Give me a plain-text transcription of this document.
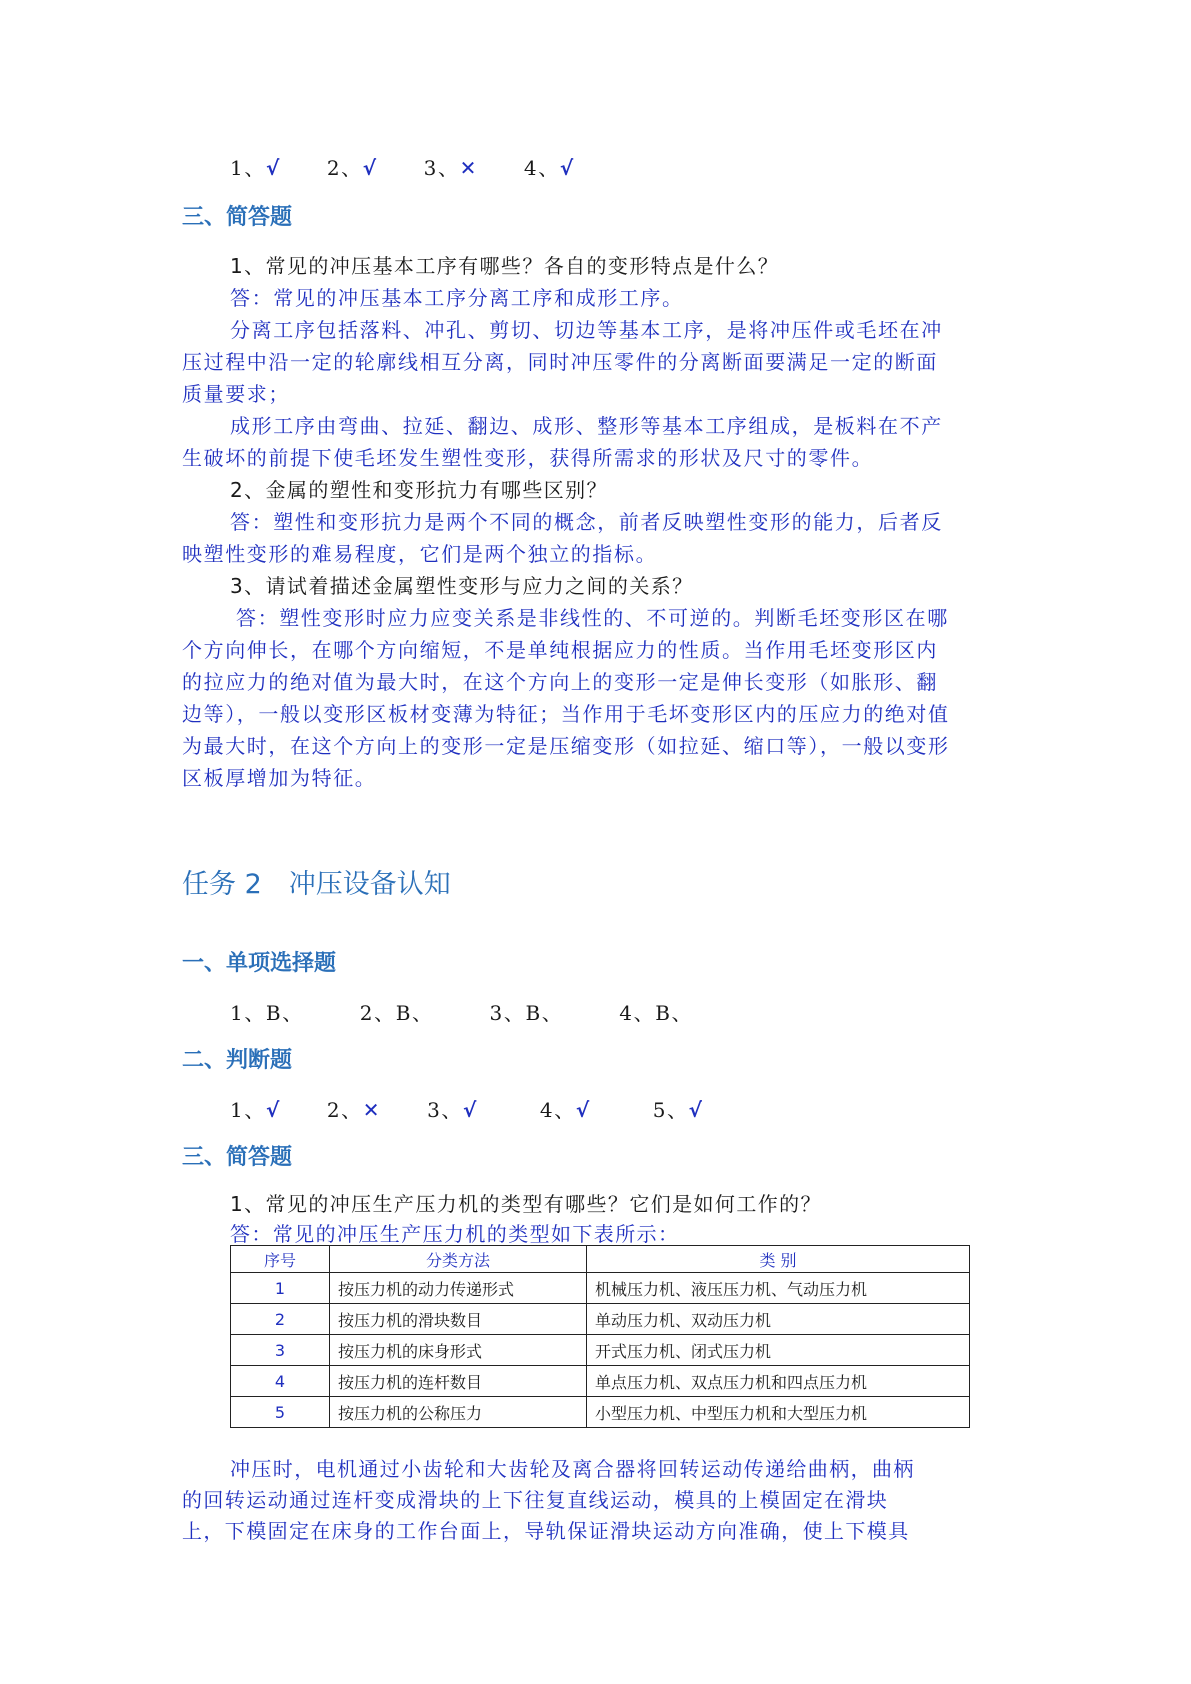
1、√ 2、√ 3、✕ 4、√
三、简答题
1、常见的冲压基本工序有哪些？各自的变形特点是什么？
答：常见的冲压基本工序分离工序和成形工序。
分离工序包括落料、冲孔、剪切、切边等基本工序，是将冲压件或毛坯在冲
压过程中沿一定的轮廓线相互分离，同时冲压零件的分离断面要满足一定的断面
质量要求；
成形工序由弯曲、拉延、翻边、成形、整形等基本工序组成，是板料在不产
生破坏的前提下使毛坯发生塑性变形，获得所需求的形状及尺寸的零件。
2、金属的塑性和变形抗力有哪些区别？
答：塑性和变形抗力是两个不同的概念，前者反映塑性变形的能力，后者反
映塑性变形的难易程度，它们是两个独立的指标。
3、请试着描述金属塑性变形与应力之间的关系？
答：塑性变形时应力应变关系是非线性的、不可逆的。判断毛坯变形区在哪
个方向伸长，在哪个方向缩短，不是单纯根据应力的性质。当作用毛坯变形区内
的拉应力的绝对值为最大时，在这个方向上的变形一定是伸长变形（如胀形、翻
边等），一般以变形区板材变薄为特征；当作用于毛坏变形区内的压应力的绝对值
为最大时，在这个方向上的变形一定是压缩变形（如拉延、缩口等），一般以变形
区板厚增加为特征。
任务 2　冲压设备认知
一、单项选择题
1、B、	2、B、	3、B、	4、B、
二、判断题
1、√ 2、✕ 3、√	4、√	5、√
三、简答题
1、常见的冲压生产压力机的类型有哪些？它们是如何工作的？
答：常见的冲压生产压力机的类型如下表所示：
序号	分类方法	类 别
1	按压力机的动力传递形式	机械压力机、液压压力机、气动压力机
2	按压力机的滑块数目	单动压力机、双动压力机
3	按压力机的床身形式	开式压力机、闭式压力机
4	按压力机的连杆数目	单点压力机、双点压力机和四点压力机
5	按压力机的公称压力	小型压力机、中型压力机和大型压力机
冲压时，电机通过小齿轮和大齿轮及离合器将回转运动传递给曲柄，曲柄
的回转运动通过连杆变成滑块的上下往复直线运动，模具的上模固定在滑块
上，下模固定在床身的工作台面上，导轨保证滑块运动方向准确，使上下模具
